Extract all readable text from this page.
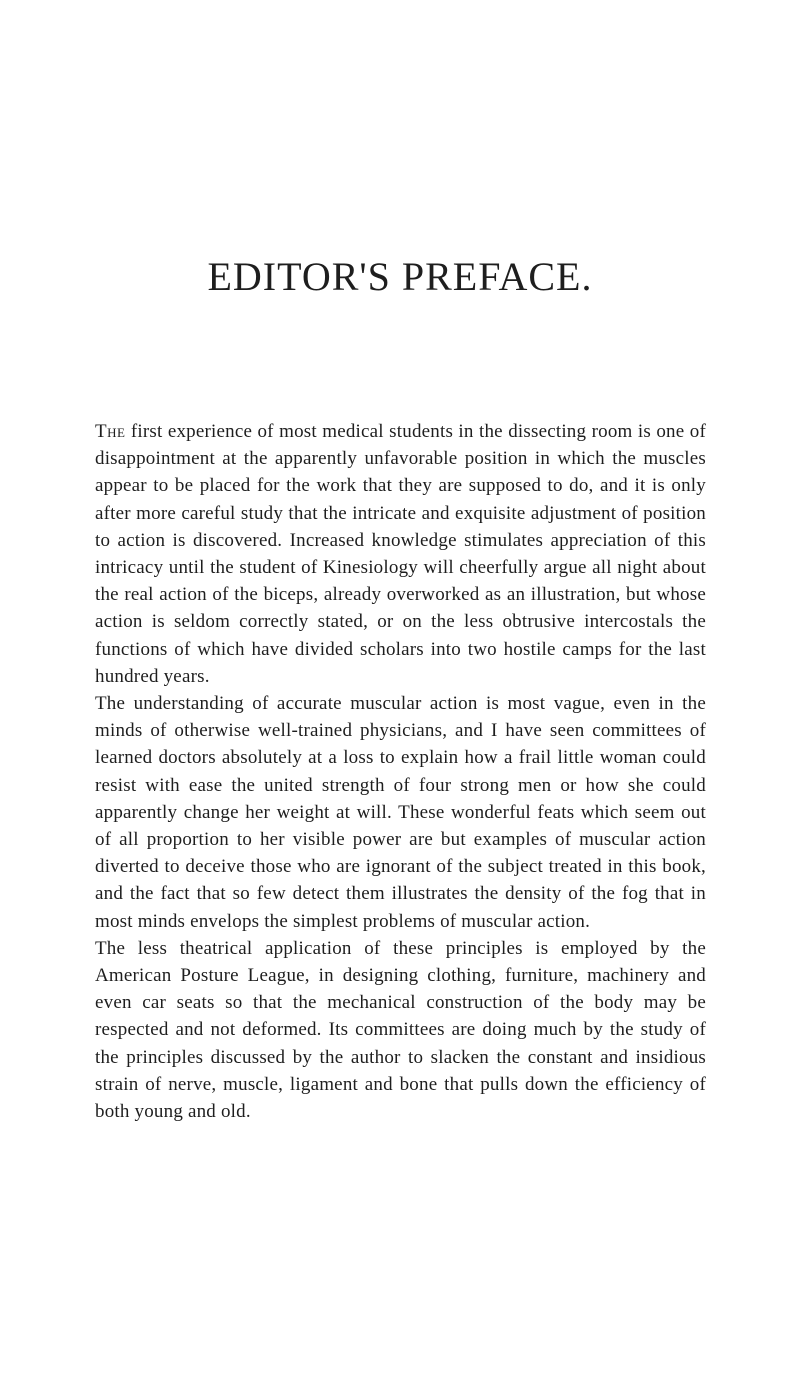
EDITOR'S PREFACE.

The first experience of most medical students in the dissecting room is one of disappointment at the apparently unfavorable position in which the muscles appear to be placed for the work that they are supposed to do, and it is only after more careful study that the intricate and exquisite adjustment of position to action is discovered. Increased knowledge stimulates appreciation of this intricacy until the student of Kinesiology will cheerfully argue all night about the real action of the biceps, already overworked as an illustration, but whose action is seldom correctly stated, or on the less obtrusive intercostals the functions of which have divided scholars into two hostile camps for the last hundred years.

The understanding of accurate muscular action is most vague, even in the minds of otherwise well-trained physicians, and I have seen committees of learned doctors absolutely at a loss to explain how a frail little woman could resist with ease the united strength of four strong men or how she could apparently change her weight at will. These wonderful feats which seem out of all proportion to her visible power are but examples of muscular action diverted to deceive those who are ignorant of the subject treated in this book, and the fact that so few detect them illustrates the density of the fog that in most minds envelops the simplest problems of muscular action.

The less theatrical application of these principles is employed by the American Posture League, in designing clothing, furniture, machinery and even car seats so that the mechanical construction of the body may be respected and not deformed. Its committees are doing much by the study of the principles discussed by the author to slacken the constant and insidious strain of nerve, muscle, ligament and bone that pulls down the efficiency of both young and old.
